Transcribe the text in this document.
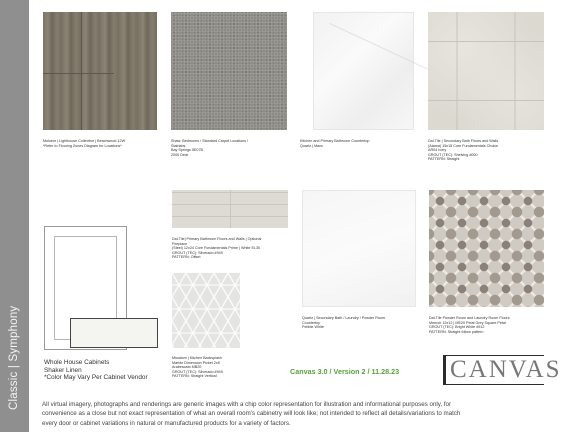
Classic | Symphony
Mohave | Lighthouse Collective | Beachwood 12W
*Refer to Flooring Zones Diagram for Locations*
Shaw: Bedrooms / Standard Carpet Locations /
Stairlabs
Bay Springs 5E07B
2000 Dear
Kitchen and Primary Bathroom Countertop
Quartz | Manc
Dal-Tile | Secondary Bath Floors and Walls
(Atama) 15x15 Core Fundamentals Choice
AR04 Ivory
GROUT (TEC): Shelving #000
PATTERN: Straight
Whole House Cabinets
Shaker Linen
*Color May Vary Per Cabinet Vendor
Dal-Tile| Primary Bathroom Floors and Walls | Optional
Fireplace
(Steel) 12x24 Core Fundamentals Prime | White EL30
GROUT (TEC): Silverado #949
PATTERN: Offset
Msoaicm | Kitchen Backsplash
Marble Dimension Picket 2x5
Arabescato MB20
GROUT (TEC): Silverado #949
PATTERN: Straight Vertical
Quartz | Secondary Bath / Laundry / Powder Room
Countertop
Pebble White
Dal-Tile Powder Room and Laundry Room Floors
Memoir 12x12 | ME20 Petal Grey Square Petal
GROUT (TEC): Bright White #912
PATTERN: Straight follow pattern
Canvas 3.0 / Version 2 / 11.28.23 CANVAS
All virtual imagery, photographs and renderings are generic images with a chip color representation for illustration and informational purposes only, for
convenience as a close but not exact representation of what an overall room's cabinetry will look like; not intended to reflect all details/variations to match
every door or cabinet variations in natural or manufactured products for a variety of factors.
